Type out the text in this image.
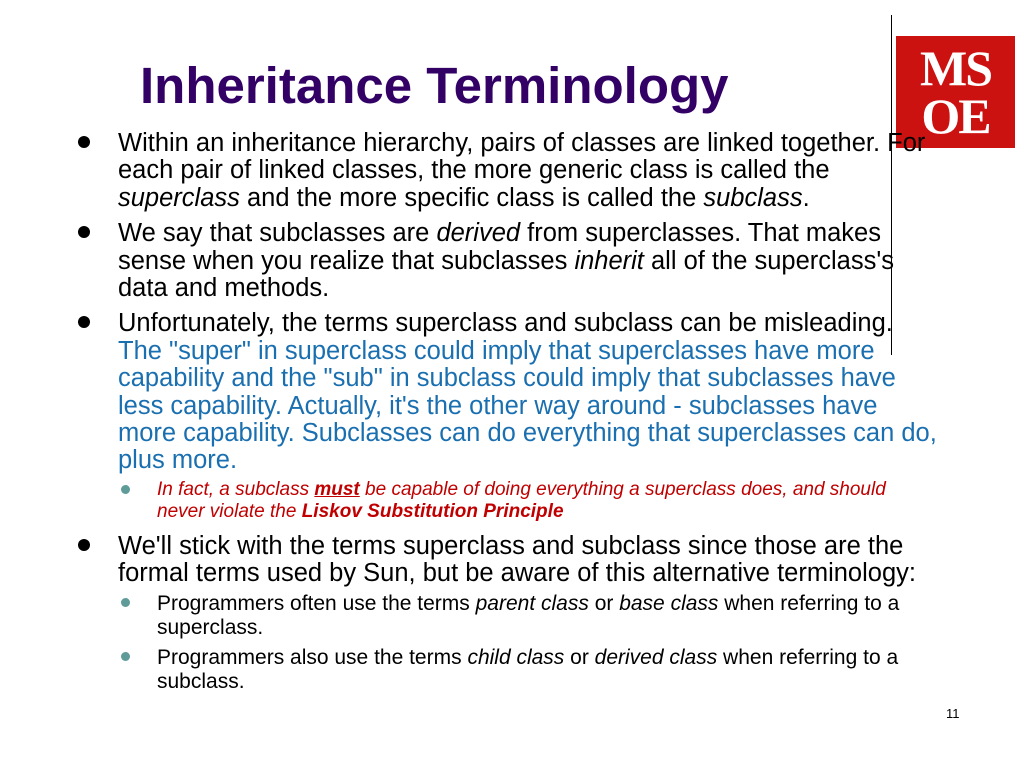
Inheritance Terminology	MS
OE
Within an inheritance hierarchy, pairs of classes are linked together. For each pair of linked classes, the more generic class is called the superclass and the more specific class is called the subclass.
We say that subclasses are derived from superclasses. That makes sense when you realize that subclasses inherit all of the superclass's data and methods.
Unfortunately, the terms superclass and subclass can be misleading. The "super" in superclass could imply that superclasses have more capability and the "sub" in subclass could imply that subclasses have less capability. Actually, it's the other way around - subclasses have more capability. Subclasses can do everything that superclasses can do, plus more.
In fact, a subclass must be capable of doing everything a superclass does, and should never violate the Liskov Substitution Principle
We'll stick with the terms superclass and subclass since those are the formal terms used by Sun, but be aware of this alternative terminology:
Programmers often use the terms parent class or base class when referring to a superclass.
Programmers also use the terms child class or derived class when referring to a subclass.
11
